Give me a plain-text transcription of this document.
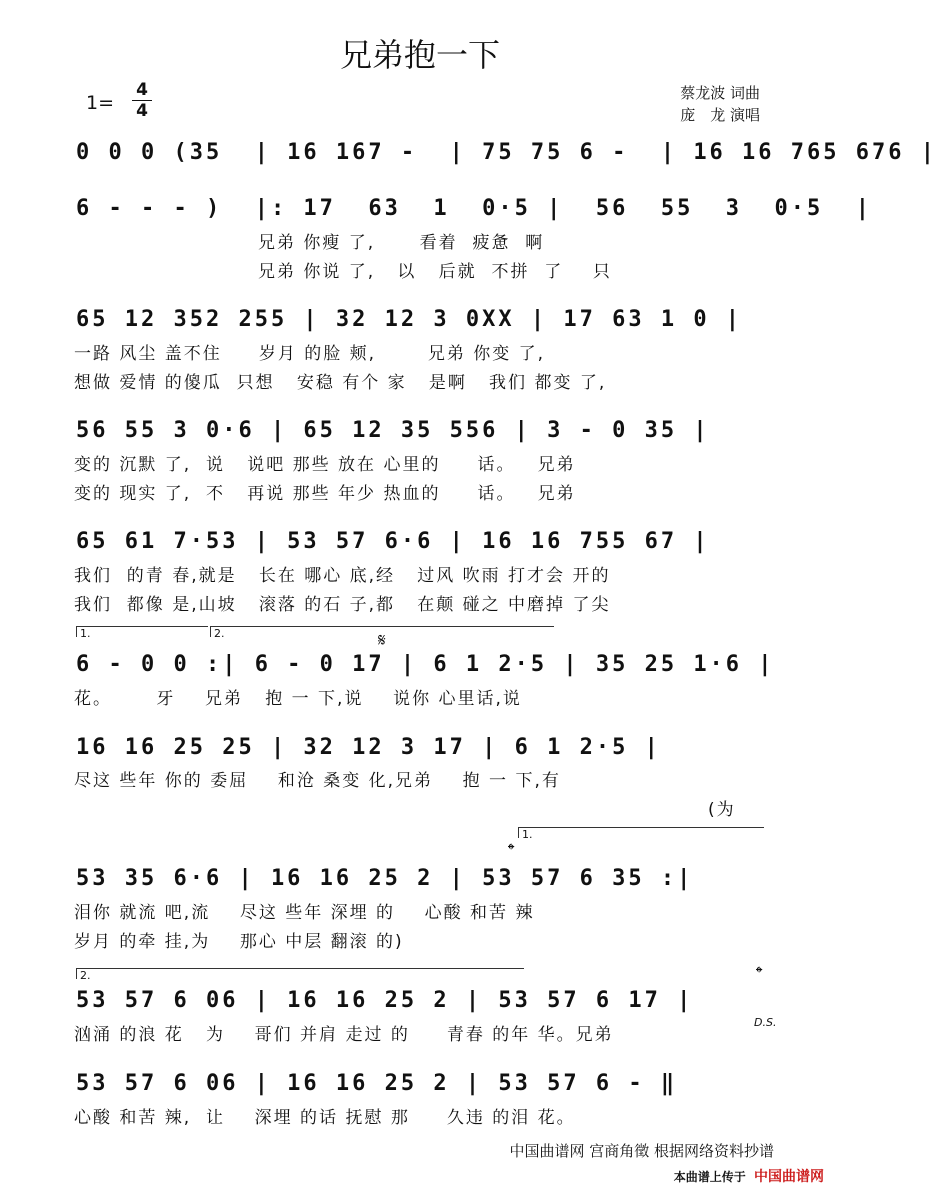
兄弟抱一下
1=
4
4
蔡龙波 词曲
庞　龙 演唱
0 0 0 (35  | 16 167 -  | 75 75 6 -  | 16 16 765 676 |
6 - - - )  |: 17  63  1  0·5 |  56  55  3  0·5  |
兄弟 你瘦 了,      看着  疲惫  啊
兄弟 你说 了,   以   后就  不拼  了    只
65 12 352 255 | 32 12 3 0XX | 17 63 1 0 |
一路 风尘 盖不住     岁月 的脸 颊,       兄弟 你变 了,
想做 爱情 的傻瓜  只想   安稳 有个 家   是啊   我们 都变 了,
56 55 3 0·6 | 65 12 35 556 | 3 - 0 35 |
变的 沉默 了,  说   说吧 那些 放在 心里的     话。   兄弟
变的 现实 了,  不   再说 那些 年少 热血的     话。   兄弟
65 61 7·53 | 53 57 6·6 | 16 16 755 67 |
我们  的青 春,就是   长在 哪心 底,经   过风 吹雨 打才会 开的
我们  都像 是,山坡   滚落 的石 子,都   在颠 碰之 中磨掉 了尖
1.	2.	𝄋
6 - 0 0 :| 6 - 0 17 | 6 1 2·5 | 35 25 1·6 |
花。      牙    兄弟   抱 一 下,说    说你 心里话,说
16 16 25 25 | 32 12 3 17 | 6 1 2·5 |
尽这 些年 你的 委屈    和沧 桑变 化,兄弟    抱 一 下,有
(为
1.
𝄌
53 35 6·6 | 16 16 25 2 | 53 57 6 35 :|
泪你 就流 吧,流    尽这 些年 深埋 的    心酸 和苦 辣
岁月 的牵 挂,为    那心 中层 翻滚 的)
2.	𝄌
53 57 6 06 | 16 16 25 2 | 53 57 6 17 |
D.S.
汹涌 的浪 花   为    哥们 并肩 走过 的     青春 的年 华。兄弟
53 57 6 06 | 16 16 25 2 | 53 57 6 - ‖
心酸 和苦 辣,  让    深埋 的话 抚慰 那     久违 的泪 花。
中国曲谱网 宫商角徵 根据网络资料抄谱
本曲谱上传于 中国曲谱网
